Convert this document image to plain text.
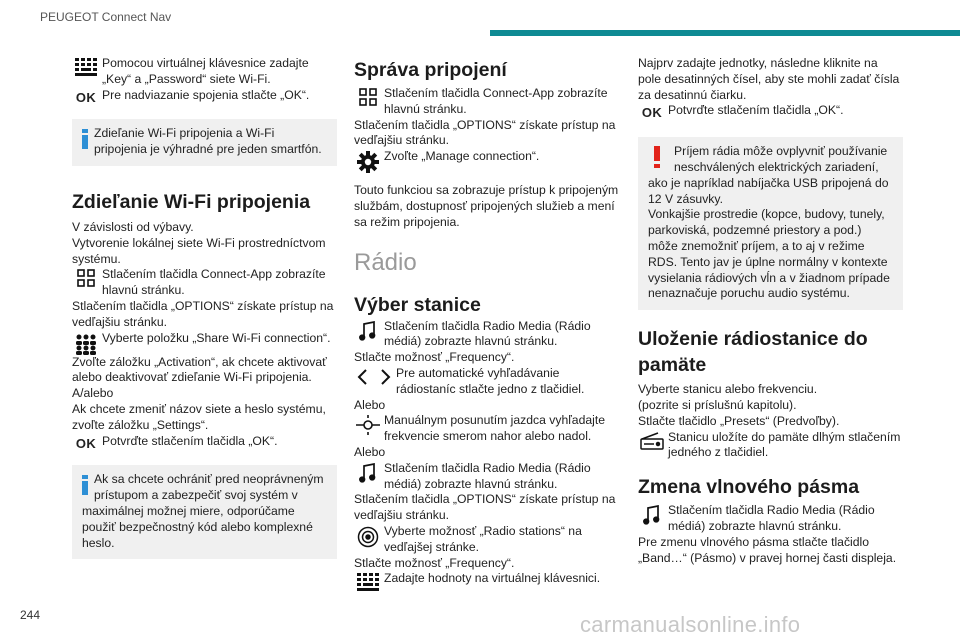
PEUGEOT Connect Nav
Pomocou virtuálnej klávesnice zadajte „Key“ a „Password“ siete Wi-Fi.
OK Pre nadviazanie spojenia stlačte „OK“.
Zdieľanie Wi-Fi pripojenia a Wi-Fi pripojenia je výhradné pre jeden smartfón.
Zdieľanie Wi-Fi pripojenia

V závislosti od výbavy.

Vytvorenie lokálnej siete Wi-Fi prostredníctvom systému.

Stlačením tlačidla Connect-App zobrazíte hlavnú stránku.

Stlačením tlačidla „OPTIONS“ získate prístup na vedľajšiu stránku.

Vyberte položku „Share Wi-Fi connection“.

Zvoľte záložku „Activation“, ak chcete aktivovať alebo deaktivovať zdieľanie Wi-Fi pripojenia.

A/alebo

Ak chcete zmeniť názov siete a heslo systému, zvoľte záložku „Settings“.

OK Potvrďte stlačením tlačidla „OK“.
Ak sa chcete ochrániť pred neoprávneným prístupom a zabezpečiť svoj systém v maximálnej možnej miere, odporúčame použiť bezpečnostný kód alebo komplexné heslo.
Správa pripojení
Stlačením tlačidla Connect-App zobrazíte hlavnú stránku.

Stlačením tlačidla „OPTIONS“ získate prístup na vedľajšiu stránku.

Zvoľte „Manage connection“.

Touto funkciou sa zobrazuje prístup k pripojeným službám, dostupnosť pripojených služieb a mení sa režim pripojenia.

Rádio
Výber stanice
Stlačením tlačidla Radio Media (Rádio médiá) zobrazte hlavnú stránku.

Stlačte možnosť „Frequency“.

Pre automatické vyhľadávanie rádiostaníc stlačte jedno z tlačidiel.

Alebo

Manuálnym posunutím jazdca vyhľadajte frekvencie smerom nahor alebo nadol.

Alebo

Stlačením tlačidla Radio Media (Rádio médiá) zobrazte hlavnú stránku.

Stlačením tlačidla „OPTIONS“ získate prístup na vedľajšiu stránku.

Vyberte možnosť „Radio stations“ na vedľajšej stránke.

Stlačte možnosť „Frequency“.

Zadajte hodnoty na virtuálnej klávesnici.

Najprv zadajte jednotky, následne kliknite na pole desatinných čísel, aby ste mohli zadať čísla za desatinnú čiarku.

OK Potvrďte stlačením tlačidla „OK“.
Príjem rádia môže ovplyvniť používanie neschválených elektrických zariadení, ako je napríklad nabíjačka USB pripojená do 12 V zásuvky.
Vonkajšie prostredie (kopce, budovy, tunely, parkoviská, podzemné priestory a pod.) môže znemožniť príjem, a to aj v režime RDS. Tento jav je úplne normálny v kontexte vysielania rádiových vĺn a v žiadnom prípade nenaznačuje poruchu audio systému.
Uloženie rádiostanice do pamäte

Vyberte stanicu alebo frekvenciu.

(pozrite si príslušnú kapitolu).

Stlačte tlačidlo „Presets“ (Predvoľby).

Stanicu uložíte do pamäte dlhým stlačením jedného z tlačidiel.
Zmena vlnového pásma
Stlačením tlačidla Radio Media (Rádio médiá) zobrazte hlavnú stránku.

Pre zmenu vlnového pásma stlačte tlačidlo „Band…“ (Pásmo) v pravej hornej časti displeja.

244	carmanualsonline.info
